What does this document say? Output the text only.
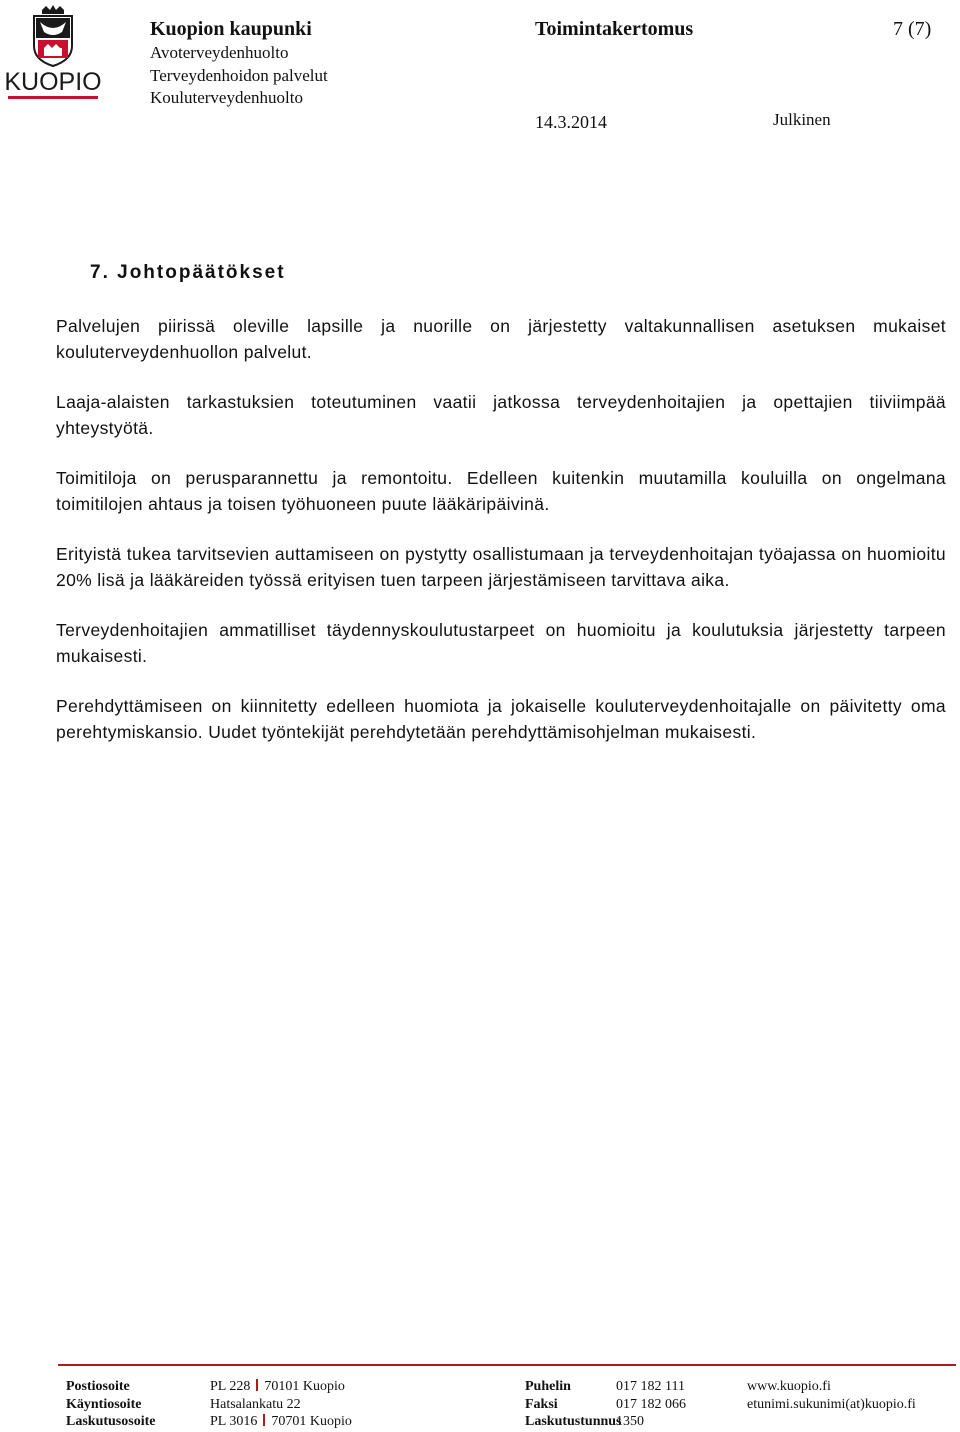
KUOPIO
Kuopion kaupunki
Avoterveydenhuolto
Terveydenhoidon palvelut
Kouluterveydenhuolto
Toimintakertomus	7 (7)
14.3.2014	Julkinen
7. Johtopäätökset

Palvelujen piirissä oleville lapsille ja nuorille on järjestetty valtakunnallisen asetuksen mukaiset kouluterveydenhuollon palvelut.

Laaja-alaisten tarkastuksien toteutuminen vaatii jatkossa terveydenhoitajien ja opettajien tiiviimpää yhteystyötä.

Toimitiloja on perusparannettu ja remontoitu. Edelleen kuitenkin muutamilla kouluilla on ongelmana toimitilojen ahtaus ja toisen työhuoneen puute lääkäripäivinä.

Erityistä tukea tarvitsevien auttamiseen on pystytty osallistumaan ja terveydenhoitajan työajassa on huomioitu 20% lisä ja lääkäreiden työssä erityisen tuen tarpeen järjestämiseen tarvittava aika.

Terveydenhoitajien ammatilliset täydennyskoulutustarpeet on huomioitu ja koulutuksia järjestetty tarpeen mukaisesti.

Perehdyttämiseen on kiinnitetty edelleen huomiota ja jokaiselle kouluterveydenhoitajalle on päivitetty oma perehtymiskansio. Uudet työntekijät perehdytetään perehdyttämisohjelman mukaisesti.

Postiosoite
Käyntiosoite
Laskutusosoite
PL 228 70101 Kuopio
Hatsalankatu 22
PL 3016 70701 Kuopio
Puhelin
Faksi
Laskutustunnus
017 182 111
017 182 066
1350
www.kuopio.fi
etunimi.sukunimi(at)kuopio.fi
